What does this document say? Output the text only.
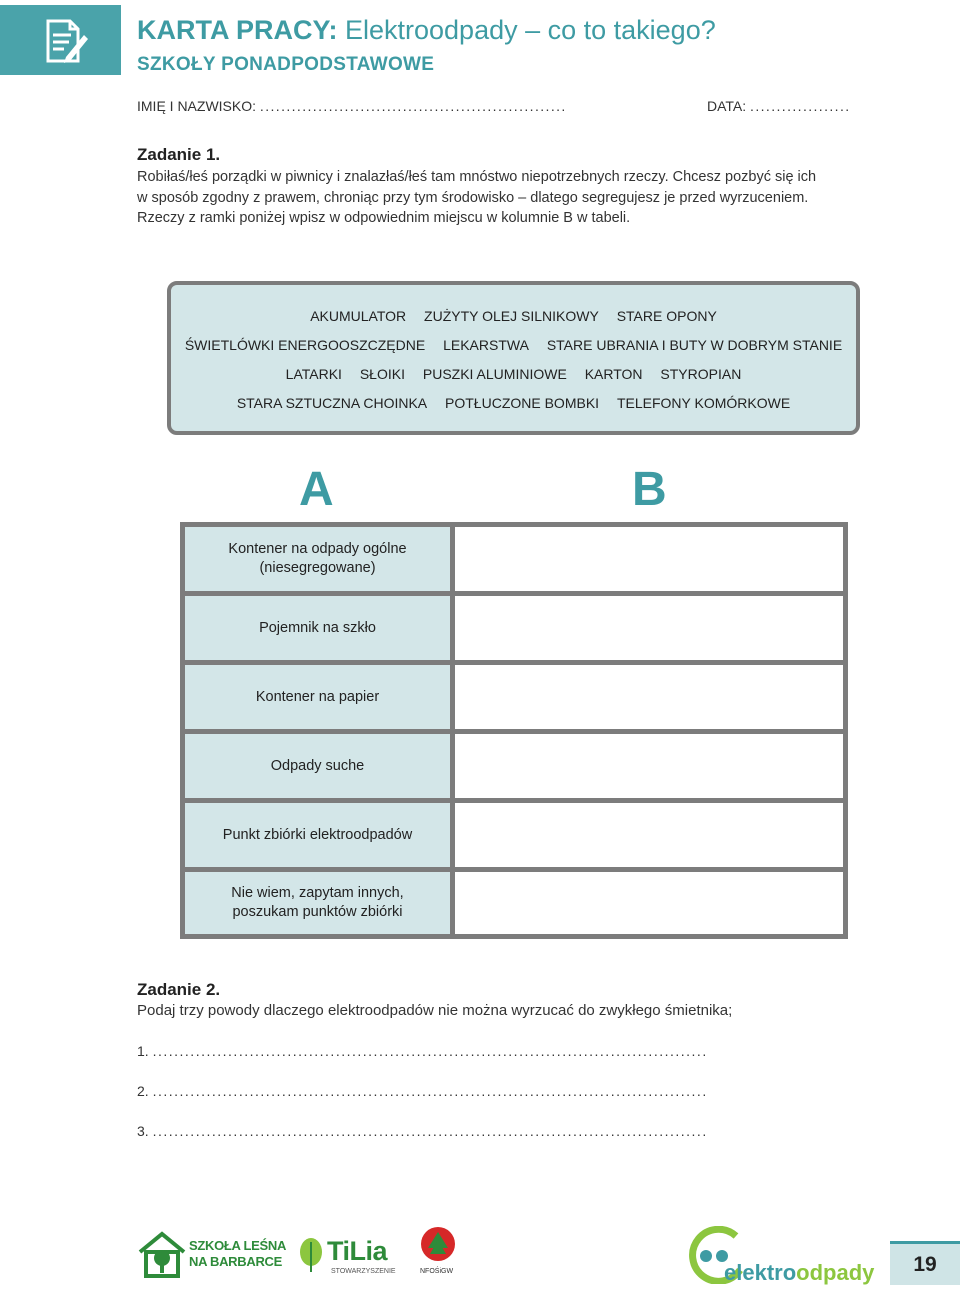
KARTA PRACY: Elektroodpady – co to takiego?
SZKOŁY PONADPODSTAWOWE
IMIĘ I NAZWISKO: ..........................................................	DATA: ...................
Zadanie 1.
Robiłaś/łeś porządki w piwnicy i znalazłaś/łeś tam mnóstwo niepotrzebnych rzeczy. Chcesz pozbyć się ich
w sposób zgodny z prawem, chroniąc przy tym środowisko – dlatego segregujesz je przed wyrzuceniem.
Rzeczy z ramki poniżej wpisz w odpowiednim miejscu w kolumnie B w tabeli.
AKUMULATOR ZUŻYTY OLEJ SILNIKOWY STARE OPONY
ŚWIETLÓWKI ENERGOOSZCZĘDNE LEKARSTWA STARE UBRANIA I BUTY W DOBRYM STANIE
LATARKI SŁOIKI PUSZKI ALUMINIOWE KARTON STYROPIAN
STARA SZTUCZNA CHOINKA POTŁUCZONE BOMBKI TELEFONY KOMÓRKOWE
A	B
Kontener na odpady ogólne (niesegregowane)
Pojemnik na szkło
Kontener na papier
Odpady suche
Punkt zbiórki elektroodpadów
Nie wiem, zapytam innych, poszukam punktów zbiórki
Zadanie 2.
Podaj trzy powody dlaczego elektroodpadów nie można wyrzucać do zwykłego śmietnika;
1. .......................................................................................................
2. .......................................................................................................
3. .......................................................................................................
SZKOŁA LEŚNA
NA BARBARCE TiLia
STOWARZYSZENIE	NFOŚiGW	elektroodpady	19
